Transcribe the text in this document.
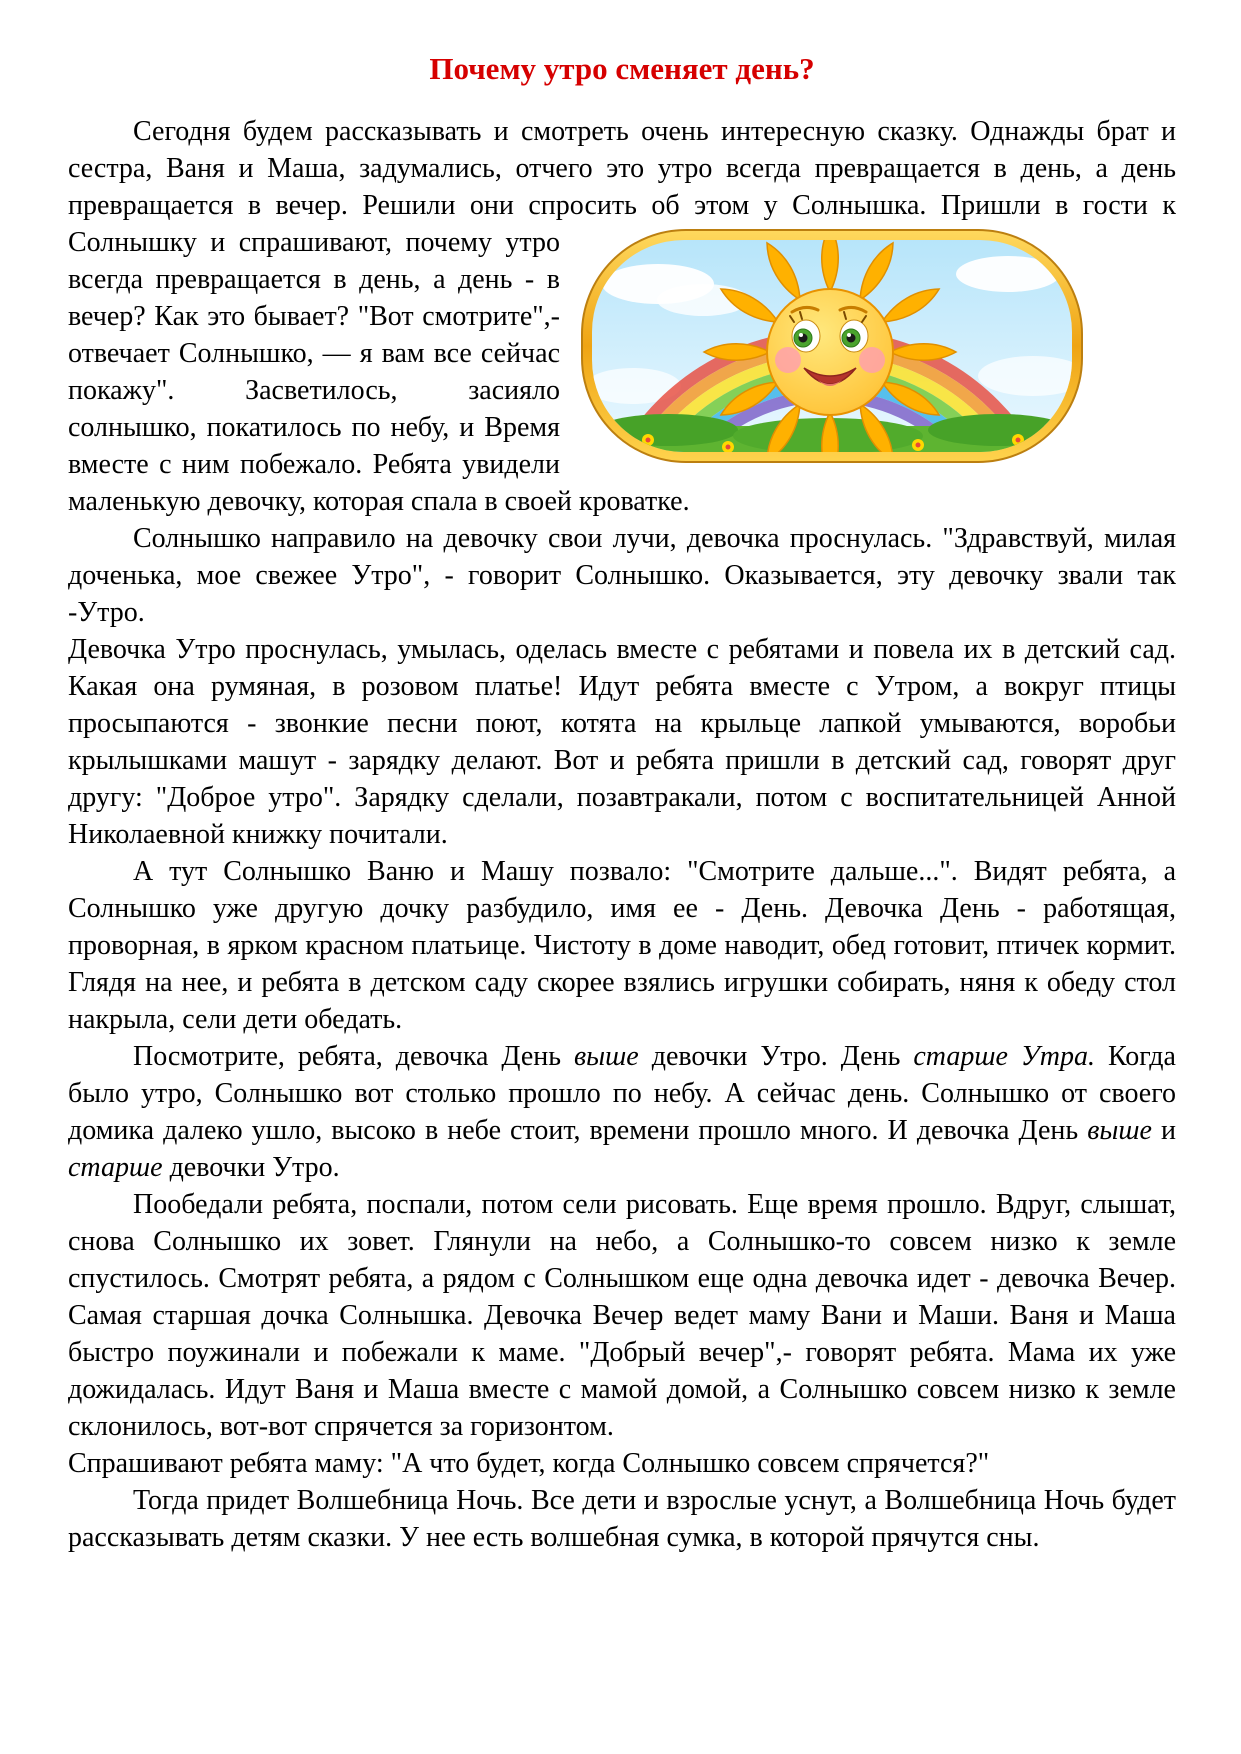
Почему утро сменяет день?

Сегодня будем рассказывать и смотреть очень интересную сказку. Однажды брат и сестра, Ваня и Маша, задумались, отчего это утро всегда превращается в день, а день превращается в вечер. Решили они спросить об этом у Солнышка. Пришли в гости к
Солнышку и спрашивают, почему утро всегда превращается в день, а день - в вечер? Как это бывает? "Вот смотрите",- отвечает Солнышко, — я вам все сейчас покажу". Засветилось, засияло солнышко, покатилось по небу, и Время вместе с ним побежало. Ребята увидели маленькую девочку, которая спала в своей кроватке.

Солнышко направило на девочку свои лучи, девочка проснулась. "Здравствуй, милая доченька, мое свежее Утро", - говорит Солнышко. Оказывается, эту девочку звали так -Утро.

Девочка Утро проснулась, умылась, оделась вместе с ребятами и повела их в детский сад. Какая она румяная, в розовом платье! Идут ребята вместе с Утром, а вокруг птицы просыпаются - звонкие песни поют, котята на крыльце лапкой умываются, воробьи крылышками машут - зарядку делают. Вот и ребята пришли в детский сад, говорят друг другу: "Доброе утро". Зарядку сделали, позавтракали, потом с воспитательницей Анной Николаевной книжку почитали.

А тут Солнышко Ваню и Машу позвало: "Смотрите дальше...". Видят ребята, а Солнышко уже другую дочку разбудило, имя ее - День. Девочка День - работящая, проворная, в ярком красном платьице. Чистоту в доме наводит, обед готовит, птичек кормит. Глядя на нее, и ребята в детском саду скорее взялись игрушки собирать, няня к обеду стол накрыла, сели дети обедать.

Посмотрите, ребята, девочка День выше девочки Утро. День старше Утра. Когда было утро, Солнышко вот столько прошло по небу. А сейчас день. Солнышко от своего домика далеко ушло, высоко в небе стоит, времени прошло много. И девочка День выше и старше девочки Утро.

Пообедали ребята, поспали, потом сели рисовать. Еще время прошло. Вдруг, слышат, снова Солнышко их зовет. Глянули на небо, а Солнышко-то совсем низко к земле спустилось. Смотрят ребята, а рядом с Солнышком еще одна девочка идет - девочка Вечер. Самая старшая дочка Солнышка. Девочка Вечер ведет маму Вани и Маши. Ваня и Маша быстро поужинали и побежали к маме. "Добрый вечер",- говорят ребята. Мама их уже дожидалась. Идут Ваня и Маша вместе с мамой домой, а Солнышко совсем низко к земле склонилось, вот-вот спрячется за горизонтом.

Спрашивают ребята маму: "А что будет, когда Солнышко совсем спрячется?"

Тогда придет Волшебница Ночь. Все дети и взрослые уснут, а Волшебница Ночь будет рассказывать детям сказки. У нее есть волшебная сумка, в которой прячутся сны.
